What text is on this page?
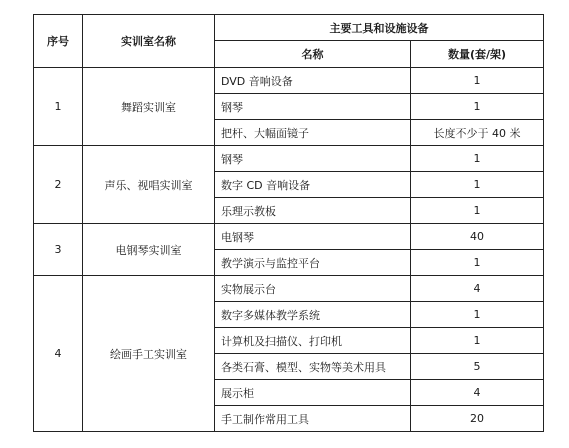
序号	实训室名称	主要工具和设施设备	
		名称	数量(套/架)
1	舞蹈实训室	DVD 音响设备	1
		钢琴	1
		把杆、大幅面镜子	长度不少于 40 米
2	声乐、视唱实训室	钢琴	1
		数字 CD 音响设备	1
		乐理示教板	1
3	电钢琴实训室	电钢琴	40
		教学演示与监控平台	1
4	绘画手工实训室	实物展示台	4
		数字多媒体教学系统	1
		计算机及扫描仪、打印机	1
		各类石膏、模型、实物等美术用具	5
		展示柜	4
		手工制作常用工具	20
